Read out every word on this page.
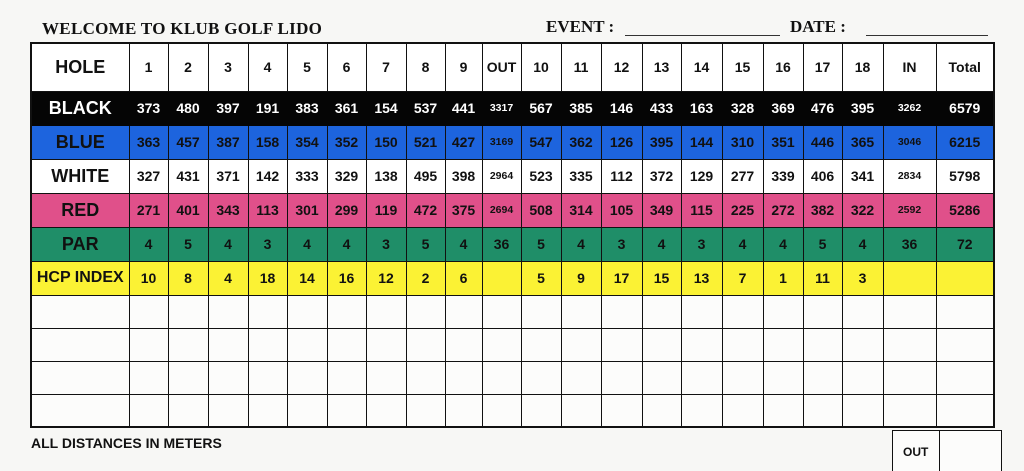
WELCOME TO KLUB GOLF LIDO	EVENT :	DATE :
HOLE	1	2	3	4	5	6	7	8	9	OUT	10	11	12	13	14	15	16	17	18	IN	Total
BLACK	373	480	397	191	383	361	154	537	441	3317	567	385	146	433	163	328	369	476	395	3262	6579
BLUE	363	457	387	158	354	352	150	521	427	3169	547	362	126	395	144	310	351	446	365	3046	6215
WHITE	327	431	371	142	333	329	138	495	398	2964	523	335	112	372	129	277	339	406	341	2834	5798
RED	271	401	343	113	301	299	119	472	375	2694	508	314	105	349	115	225	272	382	322	2592	5286
PAR	4	5	4	3	4	4	3	5	4	36	5	4	3	4	3	4	4	5	4	36	72
HCP INDEX	10	8	4	18	14	16	12	2	6		5	9	17	15	13	7	1	11	3		

ALL DISTANCES IN METERS
OUT
